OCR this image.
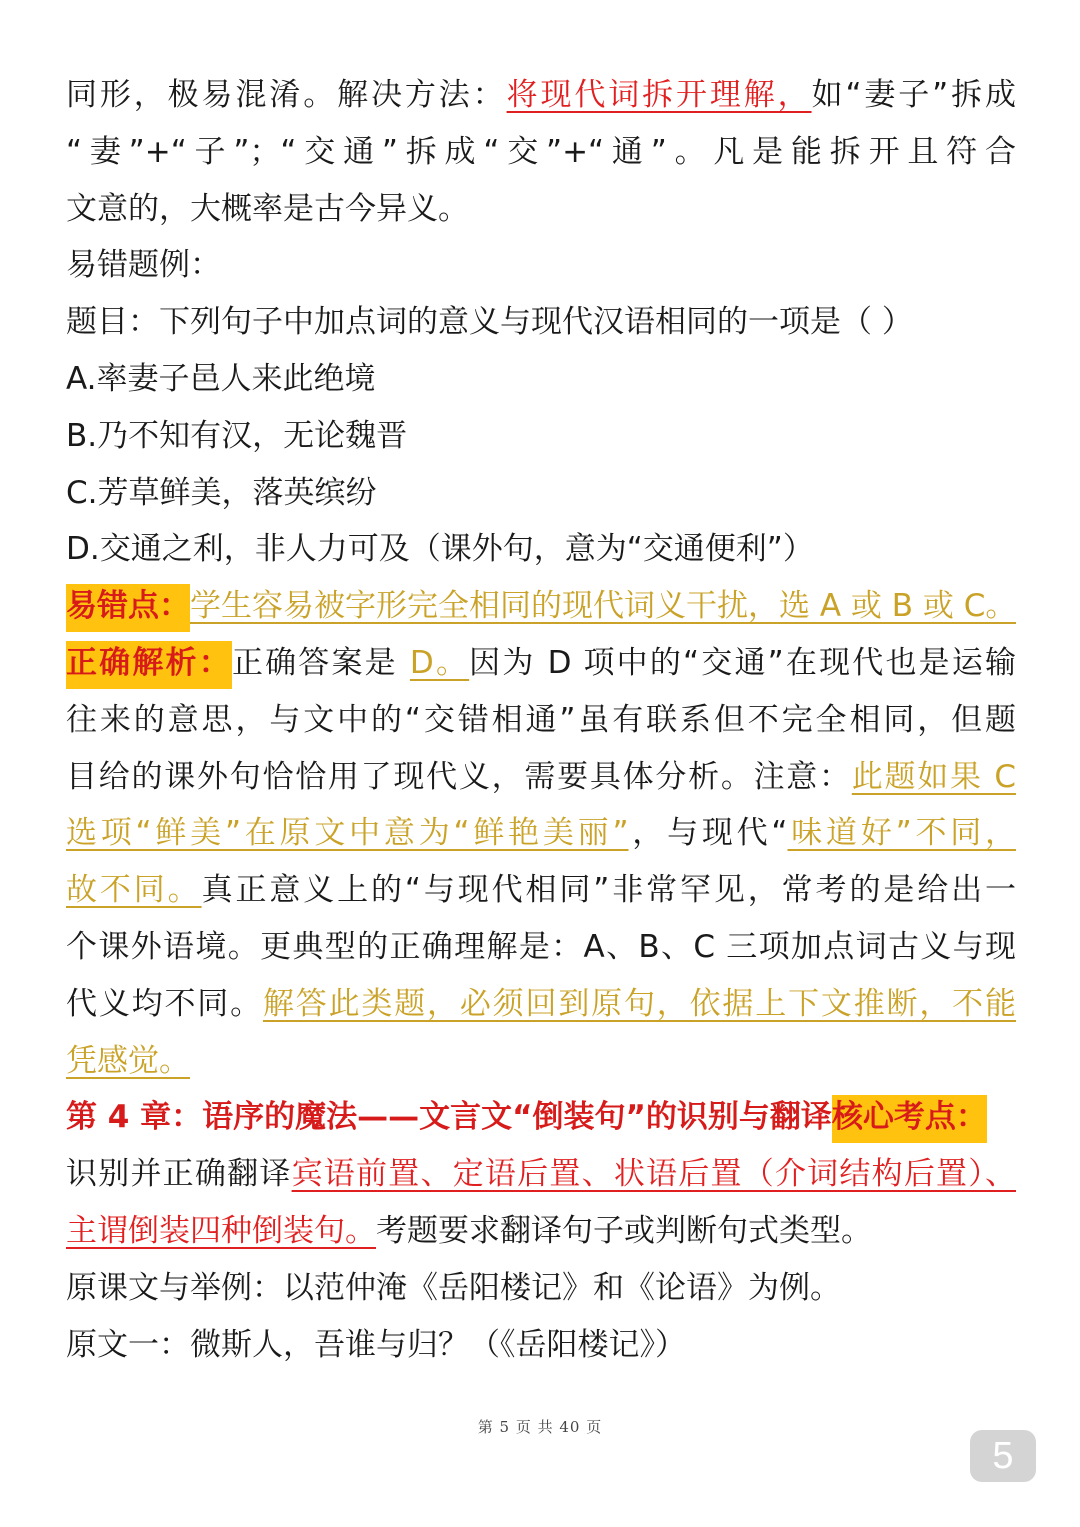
同形，极易混淆。解决方法：将现代词拆开理解，如“妻子”拆成
“妻”+“子”；“交通”拆成“交”+“通”。凡是能拆开且符合
文意的，大概率是古今异义。
易错题例：
题目：下列句子中加点词的意义与现代汉语相同的一项是（ ）
A.率妻子邑人来此绝境
B.乃不知有汉，无论魏晋
C.芳草鲜美，落英缤纷
D.交通之利，非人力可及（课外句，意为“交通便利”）
易错点：学生容易被字形完全相同的现代词义干扰，选 A 或 B 或 C。
正确解析：正确答案是 D。因为 D 项中的“交通”在现代也是运输
往来的意思，与文中的“交错相通”虽有联系但不完全相同，但题
目给的课外句恰恰用了现代义，需要具体分析。注意：此题如果 C
选项“鲜美”在原文中意为“鲜艳美丽”，与现代“味道好”不同，
故不同。真正意义上的“与现代相同”非常罕见，常考的是给出一
个课外语境。更典型的正确理解是：A、B、C 三项加点词古义与现
代义均不同。解答此类题，必须回到原句，依据上下文推断，不能
凭感觉。
第 4 章：语序的魔法——文言文“倒装句”的识别与翻译核心考点：
识别并正确翻译宾语前置、定语后置、状语后置（介词结构后置）、
主谓倒装四种倒装句。考题要求翻译句子或判断句式类型。
原课文与举例：以范仲淹《岳阳楼记》和《论语》为例。
原文一：微斯人，吾谁与归？（《岳阳楼记》）
第 5 页 共 40 页
5
